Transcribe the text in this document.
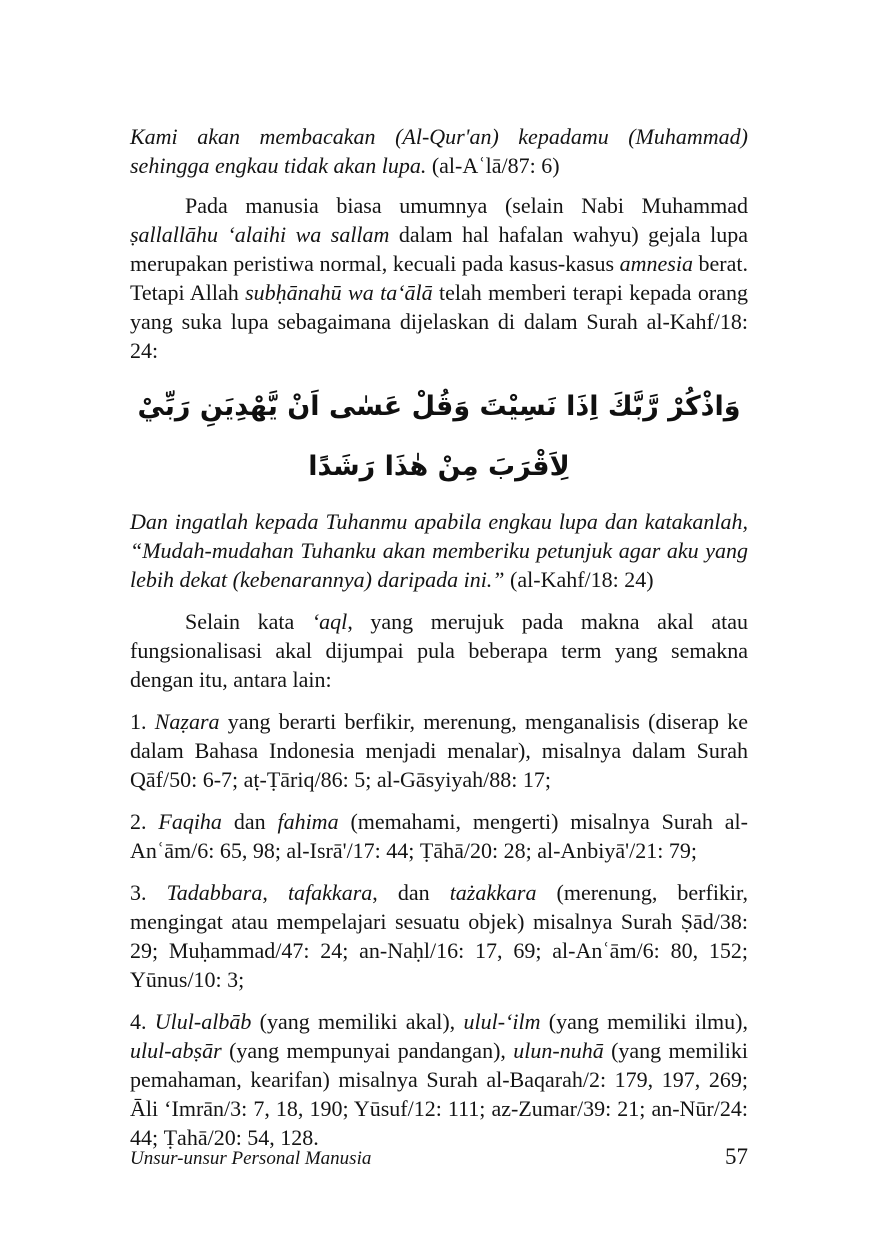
Kami akan membacakan (Al-Qur'an) kepadamu (Muhammad) sehingga engkau tidak akan lupa. (al-Aʿlā/87: 6)

Pada manusia biasa umumnya (selain Nabi Muhammad ṣallallāhu ‘alaihi wa sallam dalam hal hafalan wahyu) gejala lupa merupakan peristiwa normal, kecuali pada kasus-kasus amnesia berat. Tetapi Allah subḥānahū wa ta‘ālā telah memberi terapi kepada orang yang suka lupa sebagaimana dijelaskan di dalam Surah al-Kahf/18: 24:

وَاذْكُرْ رَّبَّكَ اِذَا نَسِيْتَ وَقُلْ عَسٰى اَنْ يَّهْدِيَنِ رَبِّيْ لِاَقْرَبَ مِنْ هٰذَا رَشَدًا

Dan ingatlah kepada Tuhanmu apabila engkau lupa dan katakanlah, “Mudah-mudahan Tuhanku akan memberiku petunjuk agar aku yang lebih dekat (kebenarannya) daripada ini.” (al-Kahf/18: 24)

Selain kata ‘aql, yang merujuk pada makna akal atau fungsionalisasi akal dijumpai pula beberapa term yang semakna dengan itu, antara lain:

1. Naẓara yang berarti berfikir, merenung, menganalisis (diserap ke dalam Bahasa Indonesia menjadi menalar), misalnya dalam Surah Qāf/50: 6-7; aṭ-Ṭāriq/86: 5; al-Gāsyiyah/88: 17;

2. Faqiha dan fahima (memahami, mengerti) misalnya Surah al-Anʿām/6: 65, 98; al-Isrā'/17: 44; Ṭāhā/20: 28; al-Anbiyā'/21: 79;

3. Tadabbara, tafakkara, dan tażakkara (merenung, berfikir, mengingat atau mempelajari sesuatu objek) misalnya Surah Ṣād/38: 29; Muḥammad/47: 24; an-Naḥl/16: 17, 69; al-Anʿām/6: 80, 152; Yūnus/10: 3;

4. Ulul-albāb (yang memiliki akal), ulul-‘ilm (yang memiliki ilmu), ulul-abṣār (yang mempunyai pandangan), ulun-nuhā (yang memiliki pemahaman, kearifan) misalnya Surah al-Baqarah/2: 179, 197, 269; Āli ‘Imrān/3: 7, 18, 190; Yūsuf/12: 111; az-Zumar/39: 21; an-Nūr/24: 44; Ṭahā/20: 54, 128.

Unsur-unsur Personal Manusia	57
